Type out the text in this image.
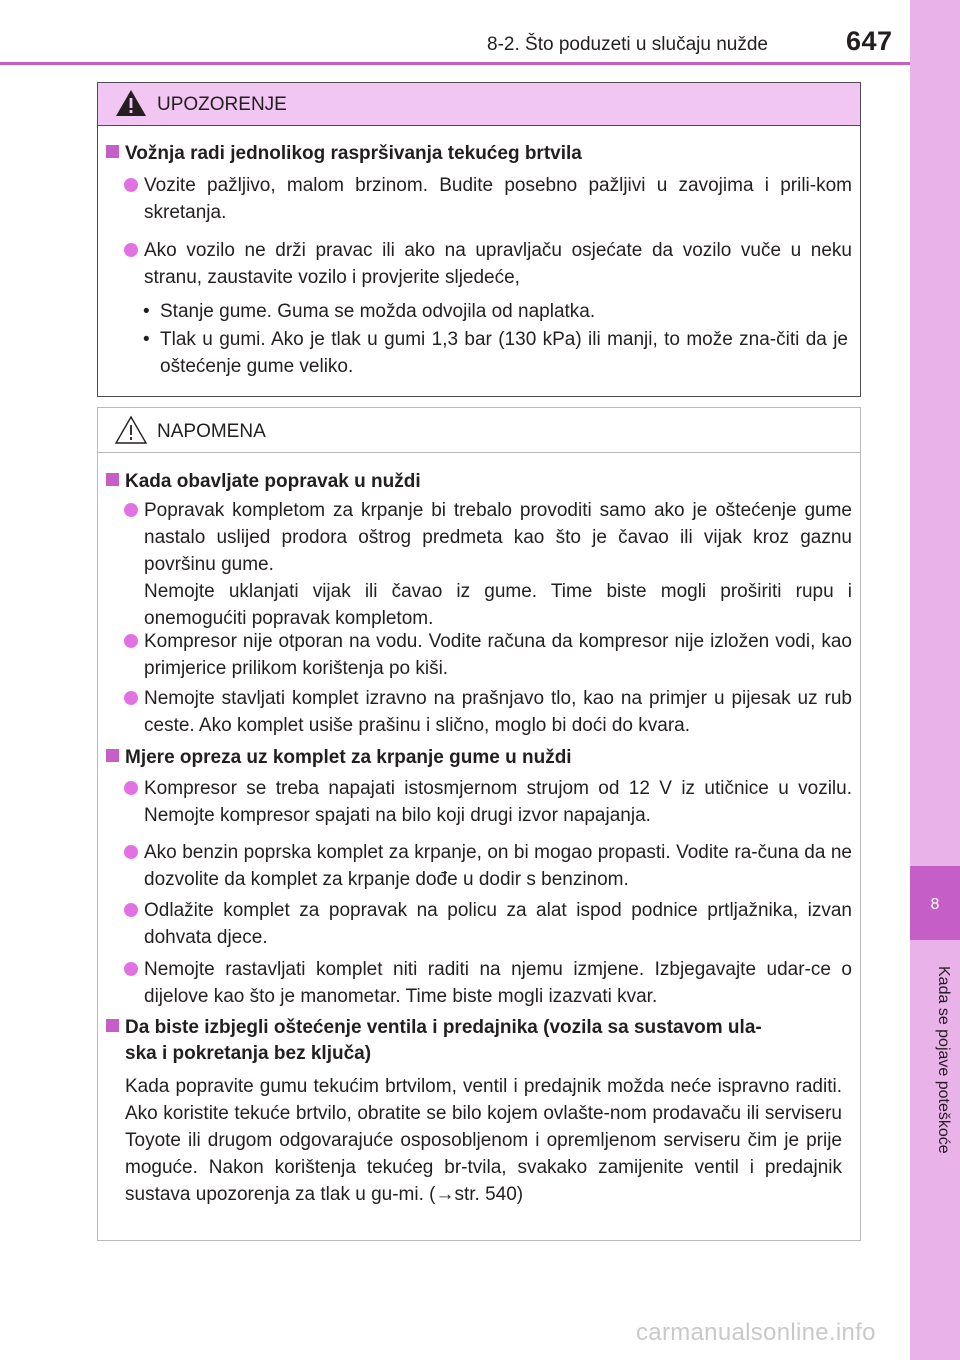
8-2. Što poduzeti u slučaju nužde	647
8
Kada se pojave poteškoće
UPOZORENJE
Vožnja radi jednolikog raspršivanja tekućeg brtvila
Vozite pažljivo, malom brzinom. Budite posebno pažljivi u zavojima i prili-kom skretanja.
Ako vozilo ne drži pravac ili ako na upravljaču osjećate da vozilo vuče u neku stranu, zaustavite vozilo i provjerite sljedeće,
• Stanje gume. Guma se možda odvojila od naplatka.
• Tlak u gumi. Ako je tlak u gumi 1,3 bar (130 kPa) ili manji, to može zna-čiti da je oštećenje gume veliko.
NAPOMENA
Kada obavljate popravak u nuždi
Popravak kompletom za krpanje bi trebalo provoditi samo ako je oštećenje gume nastalo uslijed prodora oštrog predmeta kao što je čavao ili vijak kroz gaznu površinu gume.
Nemojte uklanjati vijak ili čavao iz gume. Time biste mogli proširiti rupu i onemogućiti popravak kompletom.
Kompresor nije otporan na vodu. Vodite računa da kompresor nije izložen vodi, kao primjerice prilikom korištenja po kiši.
Nemojte stavljati komplet izravno na prašnjavo tlo, kao na primjer u pijesak uz rub ceste. Ako komplet usiše prašinu i slično, moglo bi doći do kvara.
Mjere opreza uz komplet za krpanje gume u nuždi
Kompresor se treba napajati istosmjernom strujom od 12 V iz utičnice u vozilu. Nemojte kompresor spajati na bilo koji drugi izvor napajanja.
Ako benzin poprska komplet za krpanje, on bi mogao propasti. Vodite ra-čuna da ne dozvolite da komplet za krpanje dođe u dodir s benzinom.
Odlažite komplet za popravak na policu za alat ispod podnice prtljažnika, izvan dohvata djece.
Nemojte rastavljati komplet niti raditi na njemu izmjene. Izbjegavajte udar-ce o dijelove kao što je manometar. Time biste mogli izazvati kvar.
Da biste izbjegli oštećenje ventila i predajnika (vozila sa sustavom ula-
ska i pokretanja bez ključa)
Kada popravite gumu tekućim brtvilom, ventil i predajnik možda neće ispravno raditi. Ako koristite tekuće brtvilo, obratite se bilo kojem ovlašte-nom prodavaču ili serviseru Toyote ili drugom odgovarajuće osposobljenom i opremljenom serviseru čim je prije moguće. Nakon korištenja tekućeg br-tvila, svakako zamijenite ventil i predajnik sustava upozorenja za tlak u gu-mi. (→str. 540)
carmanualsonline.info
